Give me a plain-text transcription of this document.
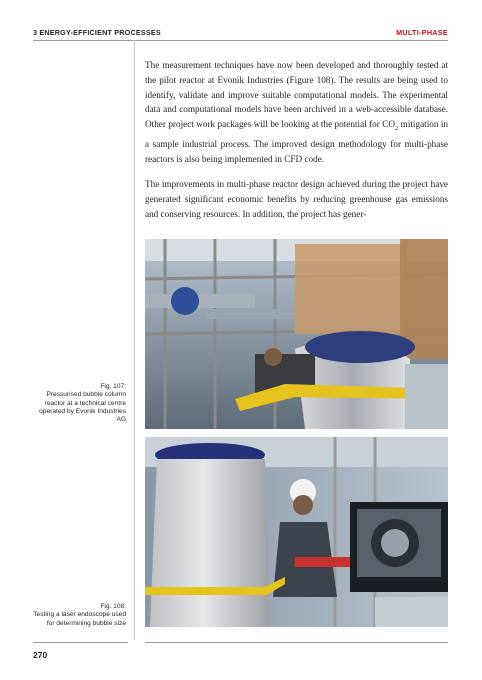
3 ENERGY-EFFICIENT PROCESSES	MULTI-PHASE

The measurement techniques have now been developed and thoroughly tested at the pilot reactor at Evonik Industries (Figure 108). The results are being used to identify, validate and improve suitable computational models. The experimental data and computational models have been archived in a web-accessible database. Other project work packages will be looking at the potential for $CO_2$ mitigation in a sample industrial process. The improved design methodology for multi-phase reactors is also being implemented in CFD code.

The improvements in multi-phase reactor design achieved during the project have generated significant economic benefits by reducing greenhouse gas emissions and conserving resources. In addition, the project has gener-

Fig. 107:
Pressurised bubble column reactor at a technical centre operated by Evonik Industries AG
Fig. 108:
Testing a laser endoscope used for determining bubble size
270
